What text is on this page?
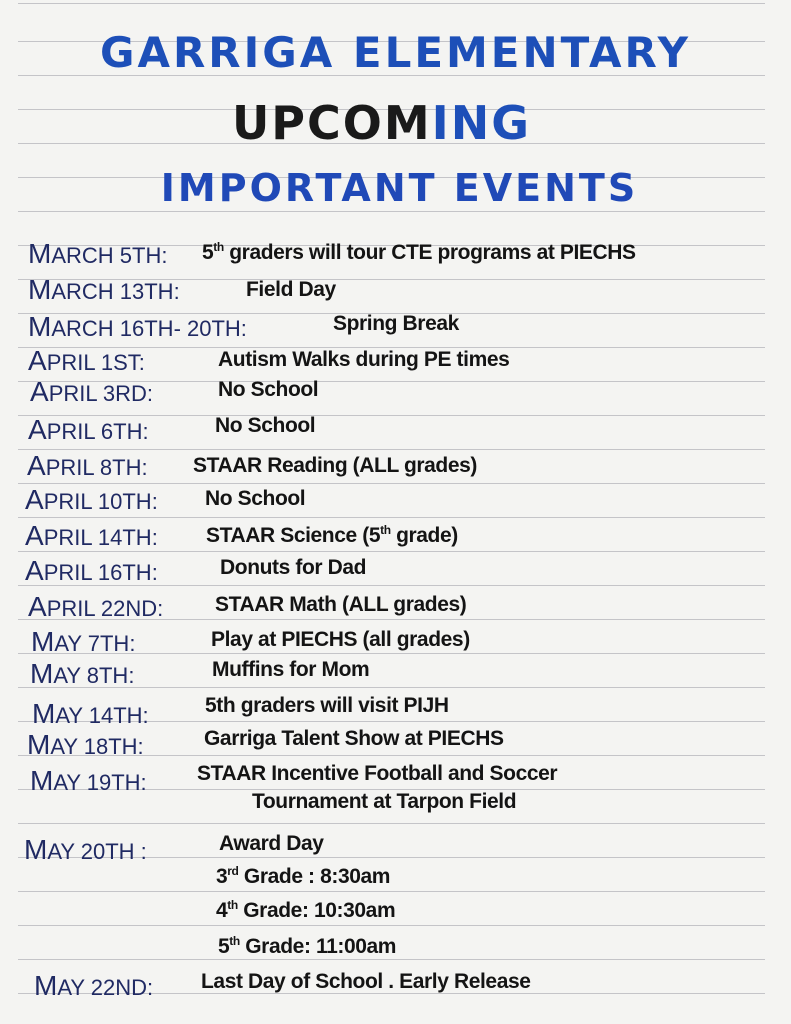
GARRIGA ELEMENTARY
UPCOMING
IMPORTANT EVENTS
MARCH 5TH: 5th graders will tour CTE programs at PIECHS
MARCH 13TH:	Field Day
MARCH 16TH- 20TH:	Spring Break
APRIL 1ST:	Autism Walks during PE times
APRIL 3RD:	No School
APRIL 6TH:	No School
APRIL 8TH: STAAR Reading (ALL grades)
APRIL 10TH: No School
APRIL 14TH: STAAR Science (5th grade)
APRIL 16TH:	Donuts for Dad
APRIL 22ND: STAAR Math (ALL grades)
MAY 7TH:	Play at PIECHS (all grades)
MAY 8TH:	Muffins for Mom
MAY 14TH:	5th graders will visit PIJH
MAY 18TH:	Garriga Talent Show at PIECHS
MAY 19TH: STAAR Incentive Football and Soccer
Tournament at Tarpon Field
MAY 20TH :	Award Day
3rd Grade : 8:30am
4th Grade: 10:30am
5th Grade: 11:00am
MAY 22ND: Last Day of School . Early Release
